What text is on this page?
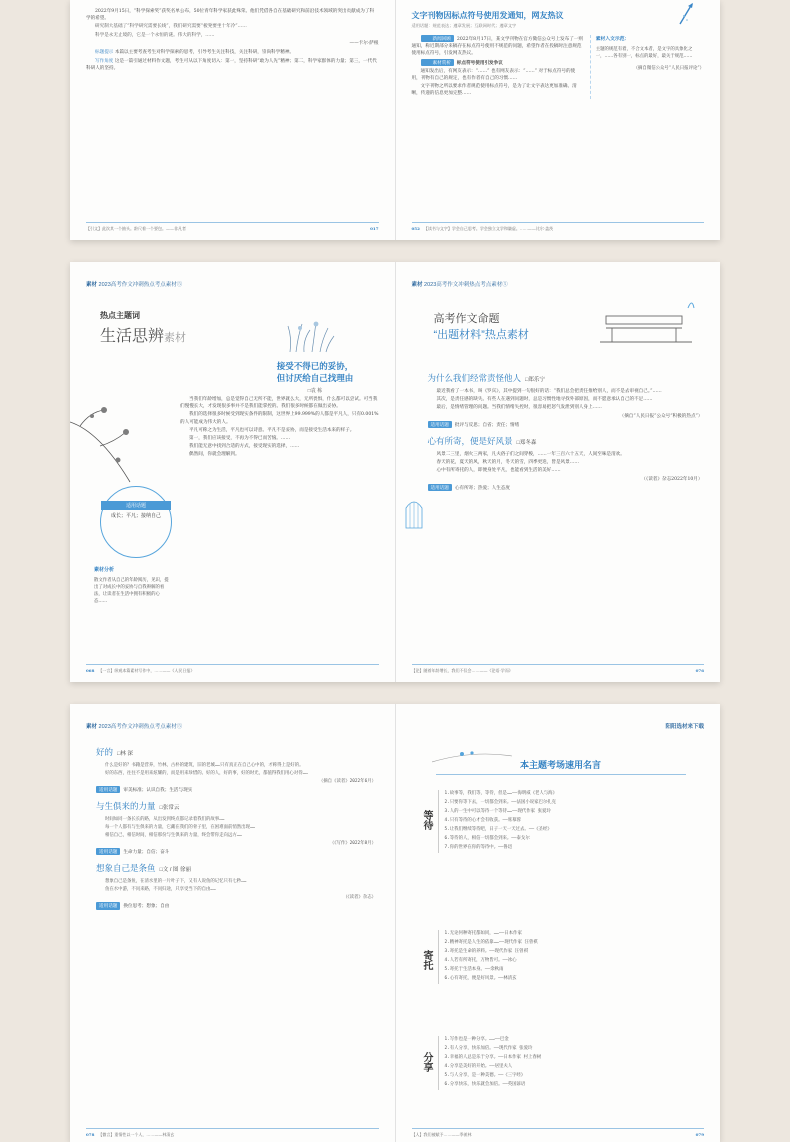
2022年9月15日，“科学探索奖”获奖名单公布，50位青年科学家获此殊荣。他们凭借各自在基础研究和前沿技术领域的突出贡献成为了科学的希望。

研究制大基础了“科学研究需要长线”，我们研究需要“板凳要坐十年冷”……

科学是永无止境的，它是一个永恒的谜。伟大的科学，……

——卡尔·萨根

标题提示 本篇以主要考查考生对科学探索的思考，引导考生关注科技，关注科研，崇尚科学精神。

写作角度 这是一篇引通过材料作文题，考生可从以下角度切入：第一，坚持科研“敢为人先”精神；第二，科学家群体的力量；第三，一代代科研人的坚持。

【引文】此次其一个抽头。龄尺着一个要包。——非凡者	017
文字刊物因标点符号使用发通知，网友热议
适用话题：规范表达；遵章发展；互联网时代；遵章文字

新闻回顾 2022年8月17日，某文学刊物在官方微信公众号上发布了一则通知，称近期部分来稿存在标点符号使用不规范的问题，希望作者在投稿时注意规范使用标点符号，引发网友热议。

素材赏析 标点符号使用引发争议

通知发出后，有网友表示：“……” 也有网友表示：“……” 对于标点符号的使用，刊物有自己的规定，也有作者有自己的习惯……

文字刊物之所以要求作者规范使用标点符号，是为了让文字表达更加准确、清晰，传递的信息更加完整……

素材入文示范：

主题的规范有着，不合文本者，是文字的具象化之一，……各有别一，标点的最好，最关于规范……

（摘自微信公众号“人民日报评论”）

052 【读书与文字】学会自己思考。学会独立文学和谦虚。……——比尔·盖茨
素材 2023高考作文冲刺热点考点素材⑤
热点主题词
生活思辨素材
接受不得已的妥协，
但讨厌给自己找理由
□袁 栋
适用话题
成长；平凡；接纳自己
素材分析

散文作者从自己的年龄阅历，见识，提出了对成长中的妥协与自我辩解的看法，让读者在生活中拥有积极的心态……

当我们年龄增加，总是觉得自己无所不能，世界就么大，无所畏惧，什么都可以尝试。可当我们慢慢长大，才发现很多事并不是我们能掌控的。我们很多时候都在做出妥协。

我们的选择很多时候受到现实条件的限制，这世界上99.999%的人都是平凡人，只有0.001%的人可能成为伟大的人。

平凡可称之为生活，平凡也可以诗意。平凡不是妥协，而是接受生活本来的样子。

第一，我们应该接受，不再为不得已而苦恼。……

我们能无意中找到合适的方式，接受现实的选择，……

偶然间，你就会理解到。

068 【一言】纵观本篇素材写作中，……——《人民日报》
素材 2023高考作文冲刺热点考点素材⑤
高考作文命题
“出题材料”热点素材
为什么我们经常责怪他人 □郑乐宁

最近我看了一本书，叫《罗宾》，其中提到一句很好的话：“我们总会把责任推给别人，而不是去审视自己。”……

其次，是责任感的缺失。有些人在遇到问题时，总是习惯性地寻找外部原因，而不愿意承认自己的不足……

最后，是情绪管理的问题。当我们情绪失控时，很容易把怒气发泄到别人身上……

（摘自“人民日报”公众号“积极的热点”）

适用话题 批评与反思；自省；责任；情绪

心有所寄，便是好风景 □郑冬森

风景二三里，烟火三两家，凡夫俗子们之间穿梭，……一年三百六十五天，人间至味是清欢。

春天的花，夏天的风，秋天的月，冬天的雪，四季更迭，皆是风景……

心中有所寄托的人，即便身处平凡，也能看到生活的美好……

（《读者》杂志2022年10月）

适用话题 心有所寄；热爱；人生态度

【论】随着年龄增长，我们不仅会……——《论语·学而》	076
素材 2023高考作文冲刺热点考点素材⑤
好的 □林 深

什么是好的？书籍是营养，竹林，古朴的建筑，旧的老城……只有真正在自己心中的，才称得上是好的。

好的东西，往往不是用来炫耀的，而是用来珍惜的。好的人，好的事，好的时光，都值得我们用心对待……

（摘自《读者》2022年6月）

适用话题 审美标准；认识自我；生活与现实

与生俱来的力量 □张常云

时间如同一条长长的路，从出发到终点都记录着我们的故事……

每一个人都有与生俱来的力量，它藏在我们的骨子里，在困难面前悄然出现……

相信自己，相信时间，相信那份与生俱来的力量，终会带你走向远方……

（《写作》2022年8月）

适用话题 生命力量；自信；奋斗

想象自己是条鱼 □文 / 图 徐丽

想象自己是条鱼，在清水里的一片叶子下，又有人说鱼的记忆只有七秒……

鱼在水中游，不问来路，不问归途，只享受当下的自由……

（《读者》杂志）

适用话题 换位思考；想象；自由

078 【微言】重情性以一个人，……——林清玄
阳阳选材来下载
本主题考场速用名言
等待

1.故事等，我们等，等待，但是……——海明威《老人与海》

2.只要你等下去，一切都会到来。——法国小说家巴尔扎克

3.人的一生中可以等待一个等待……——现代作家 张爱玲

4.只有等待的心才会有收获。——席慕蓉

5.让我们继续等待吧，日子一天一天过去。——《圣经》

6.等待的人，相信一切都会到来。——泰戈尔

7.你的世界在你的等待中。——鲁迅

寄托

1.无论何种寄托都如同，……——日本作家

2.精神寄托是人生的依靠……——现代作家 汪曾祺

3.寄托是生命的养料。——现代作家 汪曾祺

4.人若有所寄托，万物皆可。——冰心

5.寄托于生活本身。——余秋雨

6.心有寄托，便是好风景。——林清玄

分享

1.写作也是一种分享。……——巴金

2.有人分享，快乐加倍。——现代作家 张爱玲

3.幸福的人总是乐于分享。——日本作家 村上春树

4.分享是美好的开始。——居里夫人

5.与人分享，是一种美德。——《三字经》

6.分享快乐，快乐就会加倍。——英国谚语

【人】我们被赋予……——季羡林	079
